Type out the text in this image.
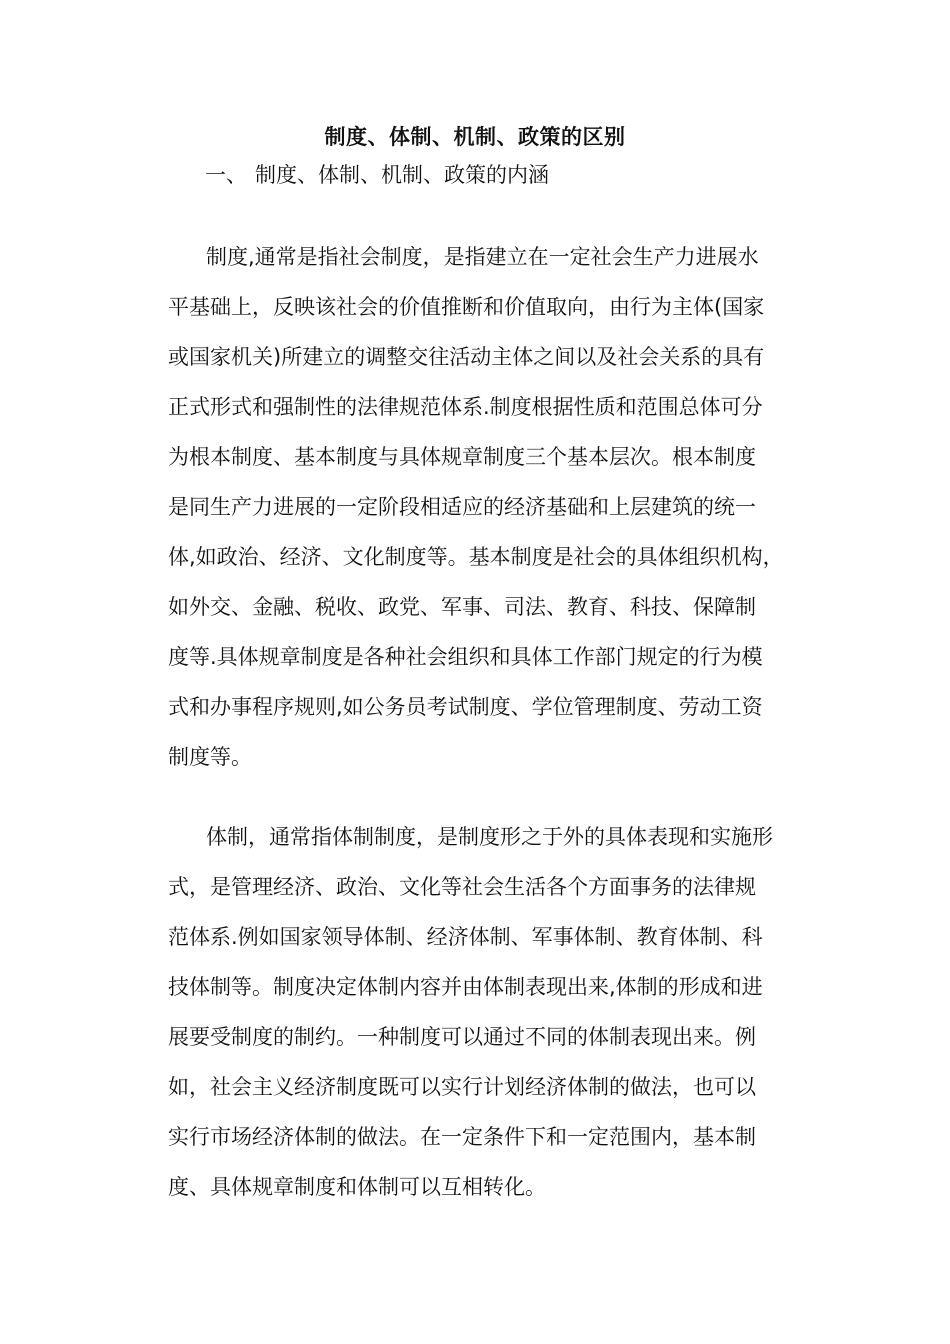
制度、体制、机制、政策的区别
一、 制度、体制、机制、政策的内涵
制度,通常是指社会制度，是指建立在一定社会生产力进展水
平基础上，反映该社会的价值推断和价值取向，由行为主体(国家
或国家机关)所建立的调整交往活动主体之间以及社会关系的具有
正式形式和强制性的法律规范体系.制度根据性质和范围总体可分
为根本制度、基本制度与具体规章制度三个基本层次。根本制度
是同生产力进展的一定阶段相适应的经济基础和上层建筑的统一
体,如政治、经济、文化制度等。基本制度是社会的具体组织机构，
如外交、金融、税收、政党、军事、司法、教育、科技、保障制
度等.具体规章制度是各种社会组织和具体工作部门规定的行为模
式和办事程序规则,如公务员考试制度、学位管理制度、劳动工资
制度等。
体制，通常指体制制度，是制度形之于外的具体表现和实施形
式，是管理经济、政治、文化等社会生活各个方面事务的法律规
范体系.例如国家领导体制、经济体制、军事体制、教育体制、科
技体制等。制度决定体制内容并由体制表现出来,体制的形成和进
展要受制度的制约。一种制度可以通过不同的体制表现出来。例
如，社会主义经济制度既可以实行计划经济体制的做法，也可以
实行市场经济体制的做法。在一定条件下和一定范围内，基本制
度、具体规章制度和体制可以互相转化。
